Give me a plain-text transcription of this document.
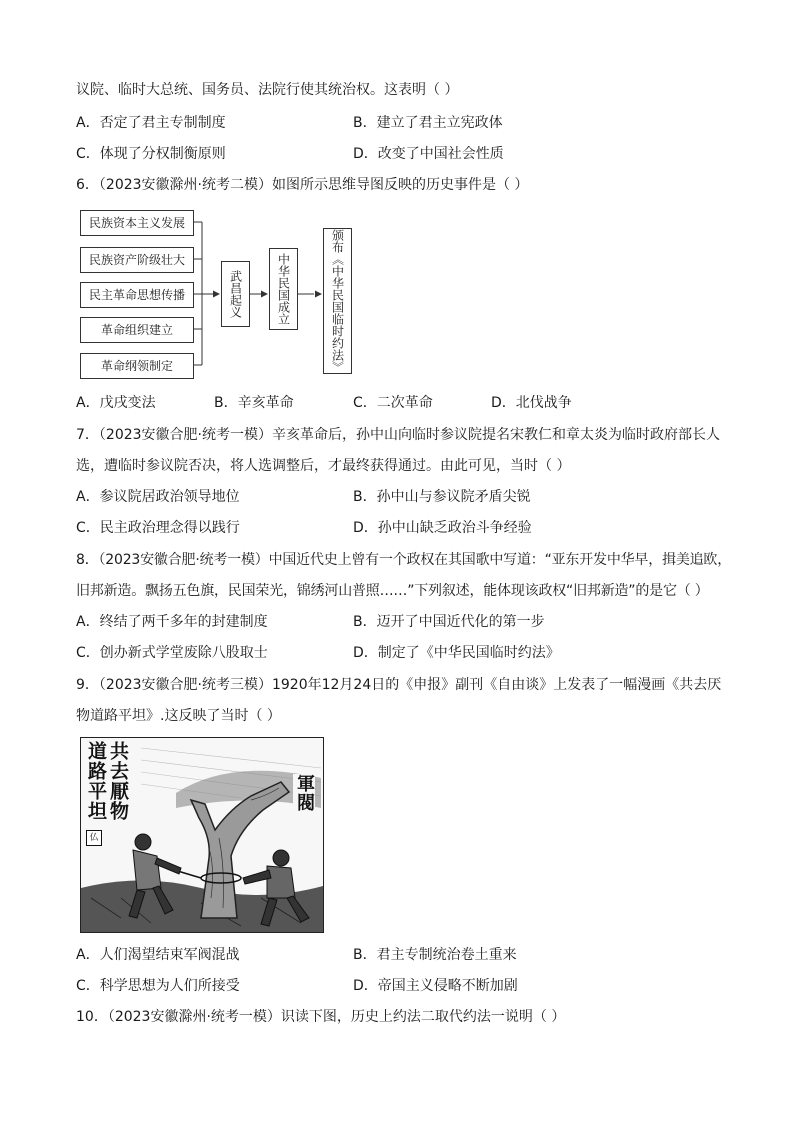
议院、临时大总统、国务员、法院行使其统治权。这表明（ ）
A．否定了君主专制制度	B．建立了君主立宪政体
C．体现了分权制衡原则	D．改变了中国社会性质
6．（2023安徽滁州·统考二模）如图所示思维导图反映的历史事件是（ ）
民族资本主义发展
民族资产阶级壮大
民主革命思想传播
革命组织建立
革命纲领制定
武昌起义	中华民国成立	颁布《中华民国临时约法》
A．戊戌变法	B．辛亥革命	C．二次革命	D．北伐战争
7．（2023安徽合肥·统考一模）辛亥革命后，孙中山向临时参议院提名宋教仁和章太炎为临时政府部长人
选，遭临时参议院否决，将人选调整后，才最终获得通过。由此可见，当时（ ）
A．参议院居政治领导地位	B．孙中山与参议院矛盾尖锐
C．民主政治理念得以践行	D．孙中山缺乏政治斗争经验
8．（2023安徽合肥·统考一模）中国近代史上曾有一个政权在其国歌中写道：“亚东开发中华早，揖美追欧，
旧邦新造。飘扬五色旗，民国荣光，锦绣河山普照……”下列叙述，能体现该政权“旧邦新造”的是它（ ）
A．终结了两千多年的封建制度	B．迈开了中国近代化的第一步
C．创办新式学堂废除八股取士	D．制定了《中华民国临时约法》
9．（2023安徽合肥·统考三模）1920年12月24日的《申报》副刊《自由谈》上发表了一幅漫画《共去厌
物道路平坦》.这反映了当时（ ）
共去厭物
道路平坦
仏
軍閥
A．人们渴望结束军阀混战	B．君主专制统治卷土重来
C．科学思想为人们所接受	D．帝国主义侵略不断加剧
10．（2023安徽滁州·统考一模）识读下图，历史上约法二取代约法一说明（ ）
